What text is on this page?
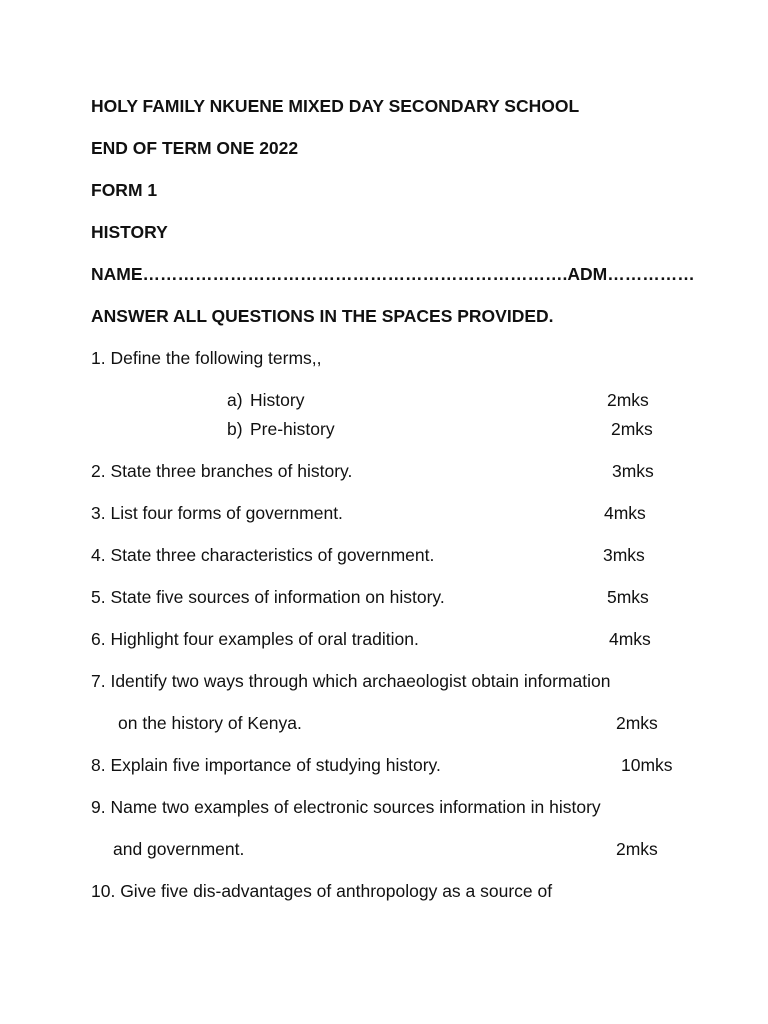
HOLY FAMILY NKUENE MIXED DAY SECONDARY SCHOOL
END OF TERM ONE 2022
FORM 1
HISTORY
NAME……………………………………………………………….ADM……………
ANSWER ALL QUESTIONS IN THE SPACES PROVIDED.
1. Define the following terms,,
a) History	2mks
b) Pre-history	2mks
2. State three branches of history.	3mks
3. List four forms of government.	4mks
4. State three characteristics of government.	3mks
5. State five sources of information on history.	5mks
6. Highlight four examples of oral tradition.	4mks
7. Identify two ways through which archaeologist obtain information
on the history of Kenya.	2mks
8. Explain five importance of studying history.	10mks
9. Name two examples of electronic sources information in history
and government.	2mks
10. Give five dis-advantages of anthropology as a source of
